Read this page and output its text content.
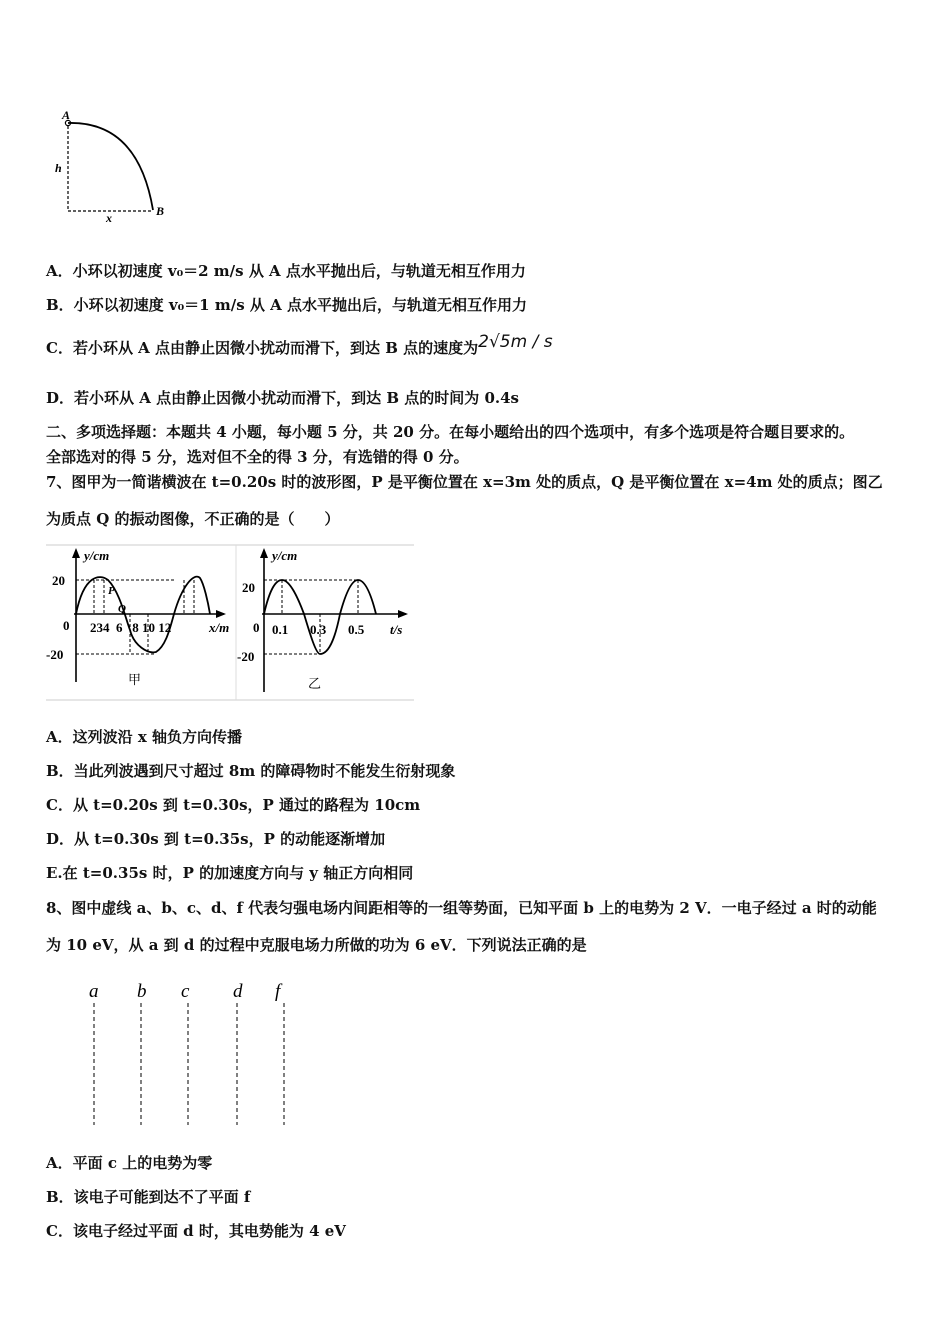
A
h
x	B
A．小环以初速度 v₀＝2 m/s 从 A 点水平抛出后，与轨道无相互作用力
B．小环以初速度 v₀＝1 m/s 从 A 点水平抛出后，与轨道无相互作用力
C．若小环从 A 点由静止因微小扰动而滑下，到达 B 点的速度为2√5m / s
D．若小环从 A 点由静止因微小扰动而滑下，到达 B 点的时间为 0.4s
二、多项选择题：本题共 4 小题，每小题 5 分，共 20 分。在每小题给出的四个选项中，有多个选项是符合题目要求的。
全部选对的得 5 分，选对但不全的得 3 分，有选错的得 0 分。
7、图甲为一简谐横波在 t=0.20s 时的波形图，P 是平衡位置在 x=3m 处的质点，Q 是平衡位置在 x=4m 处的质点；图乙
为质点 Q 的振动图像，不正确的是（　　）
y/cm
20
-20
0 234  6   8 10 12	x/m
P
Q
甲
y/cm
20
-20
0 0.1 0.3 0.5 t/s
乙
A．这列波沿 x 轴负方向传播
B．当此列波遇到尺寸超过 8m 的障碍物时不能发生衍射现象
C．从 t=0.20s 到 t=0.30s，P 通过的路程为 10cm
D．从 t=0.30s 到 t=0.35s，P 的动能逐渐增加
E.在 t=0.35s 时，P 的加速度方向与 y 轴正方向相同
8、图中虚线 a、b、c、d、f 代表匀强电场内间距相等的一组等势面，已知平面 b 上的电势为 2 V．一电子经过 a 时的动能
为 10 eV，从 a 到 d 的过程中克服电场力所做的功为 6 eV．下列说法正确的是
a b c d f
A．平面 c 上的电势为零
B．该电子可能到达不了平面 f
C．该电子经过平面 d 时，其电势能为 4 eV
